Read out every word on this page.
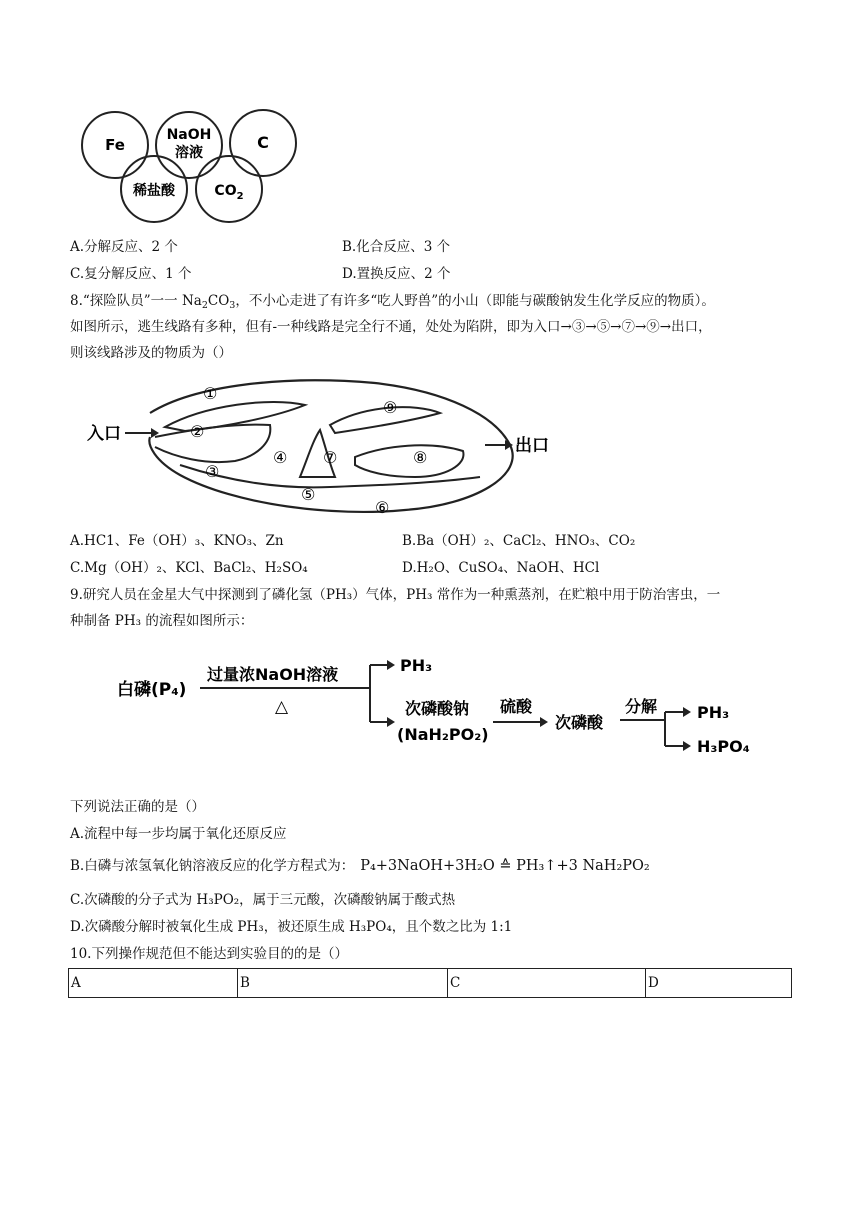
Fe
NaOH
溶液
C
稀盐酸	$CO_2$
A.分解反应、2 个	B.化合反应、3 个
C.复分解反应、1 个	D.置换反应、2 个
8.“探险队员”一一 $Na_2CO_3$，不小心走进了有许多“吃人野兽”的小山（即能与碳酸钠发生化学反应的物质）。
如图所示，逃生线路有多种，但有-一种线路是完全行不通，处处为陷阱，即为入口→③→⑤→⑦→⑨→出口，
则该线路涉及的物质为（）
入口
出口
①
②
③
④
⑤
⑥
⑦	⑧
⑨
A.HC1、Fe（OH）₃、KNO₃、Zn	B.Ba（OH）₂、CaCl₂、HNO₃、CO₂
C.Mg（OH）₂、KCl、BaCl₂、H₂SO₄	D.H₂O、CuSO₄、NaOH、HCl
9.研究人员在金星大气中探测到了磷化氢（PH₃）气体，PH₃ 常作为一种熏蒸剂，在贮粮中用于防治害虫，一
种制备 PH₃ 的流程如图所示：
白磷(P₄)
过量浓NaOH溶液
△
PH₃
次磷酸钠
(NaH₂PO₂)
硫酸
次磷酸
分解 PH₃
H₃PO₄
下列说法正确的是（）
A.流程中每一步均属于氧化还原反应
B.白磷与浓氢氧化钠溶液反应的化学方程式为： P₄+3NaOH+3H₂O ≙ PH₃↑+3 NaH₂PO₂
C.次磷酸的分子式为 H₃PO₂，属于三元酸，次磷酸钠属于酸式热
D.次磷酸分解时被氧化生成 PH₃，被还原生成 H₃PO₄，且个数之比为 1:1
10.下列操作规范但不能达到实验目的的是（）
A	B	C	D
